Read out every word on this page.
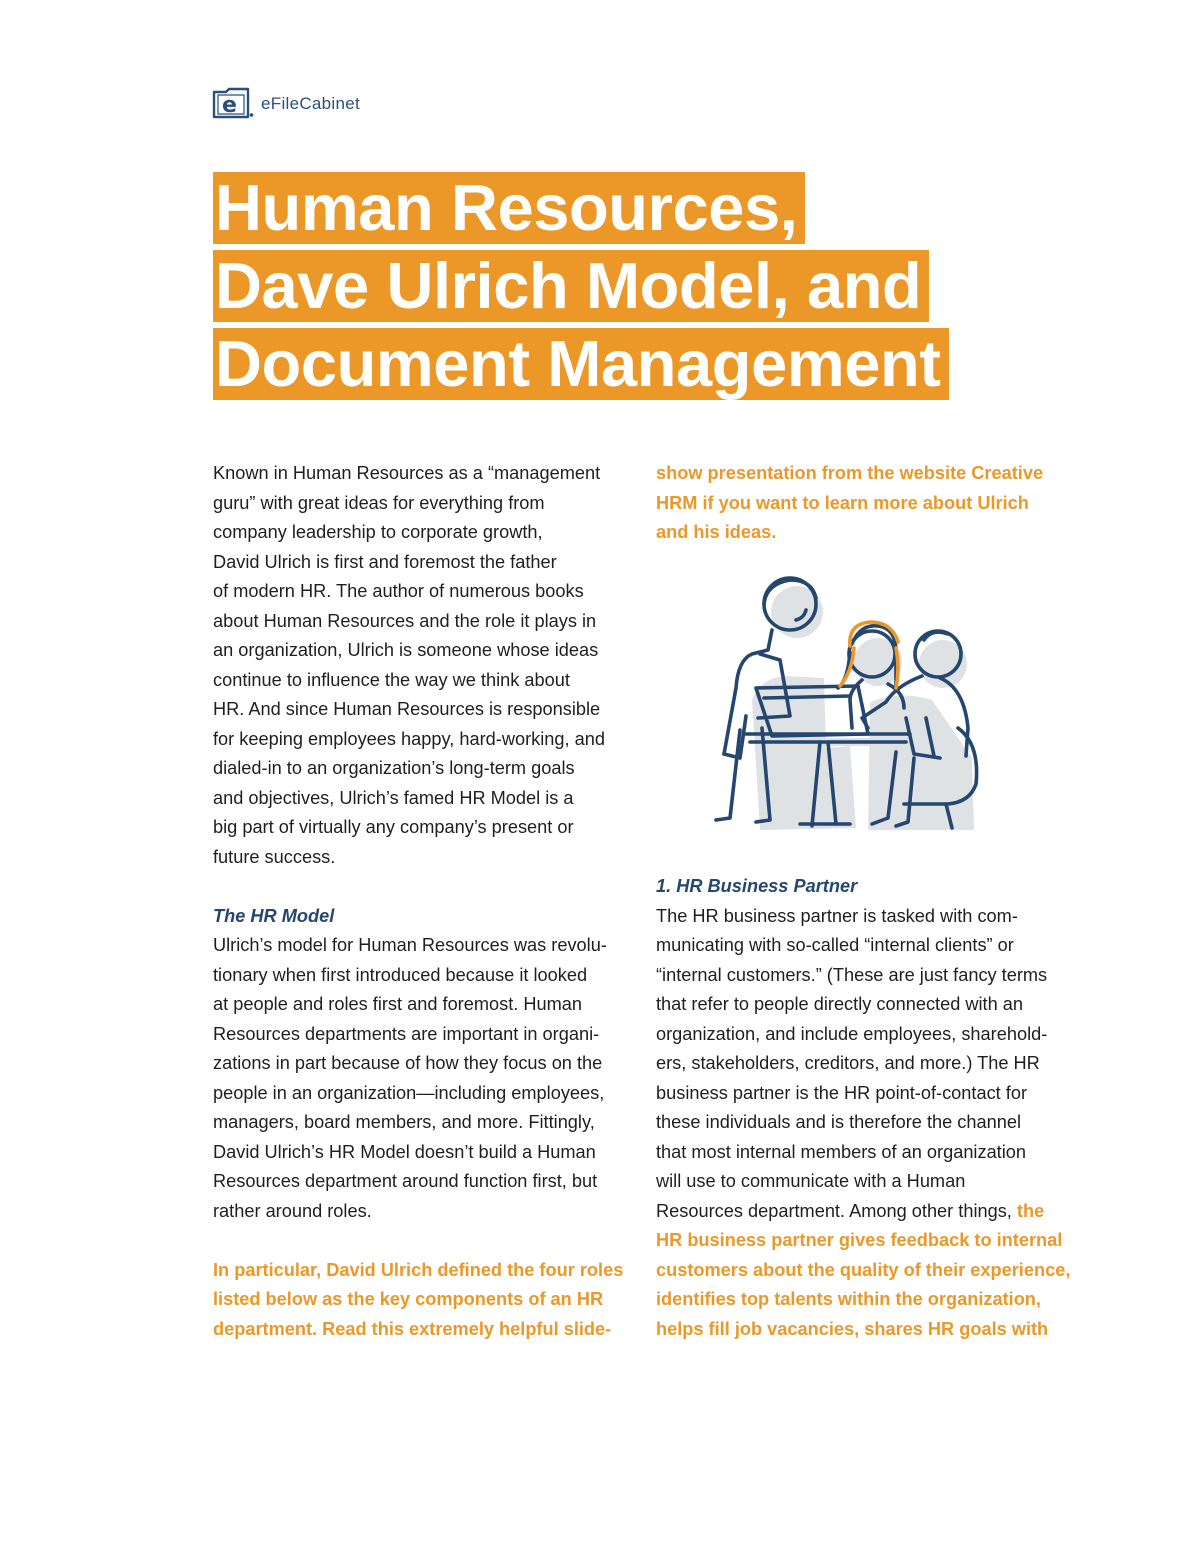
e eFileCabinet
Human Resources,
Dave Ulrich Model, and
Document Management

Known in Human Resources as a “management
guru” with great ideas for everything from
company leadership to corporate growth,
David Ulrich is first and foremost the father
of modern HR. The author of numerous books
about Human Resources and the role it plays in
an organization, Ulrich is someone whose ideas
continue to influence the way we think about
HR. And since Human Resources is responsible
for keeping employees happy, hard-working, and
dialed-in to an organization’s long-term goals
and objectives, Ulrich’s famed HR Model is a
big part of virtually any company’s present or
future success.

The HR Model

Ulrich’s model for Human Resources was revolu-
tionary when first introduced because it looked
at people and roles first and foremost. Human
Resources departments are important in organi-
zations in part because of how they focus on the
people in an organization—including employees,
managers, board members, and more. Fittingly,
David Ulrich’s HR Model doesn’t build a Human
Resources department around function first, but
rather around roles.

In particular, David Ulrich defined the four roles
listed below as the key components of an HR
department. Read this extremely helpful slide-

show presentation from the website Creative
HRM if you want to learn more about Ulrich
and his ideas.

1. HR Business Partner

The HR business partner is tasked with com-
municating with so-called “internal clients” or
“internal customers.” (These are just fancy terms
that refer to people directly connected with an
organization, and include employees, sharehold-
ers, stakeholders, creditors, and more.) The HR
business partner is the HR point-of-contact for
these individuals and is therefore the channel
that most internal members of an organization
will use to communicate with a Human
Resources department. Among other things, the
HR business partner gives feedback to internal
customers about the quality of their experience,
identifies top talents within the organization,
helps fill job vacancies, shares HR goals with
